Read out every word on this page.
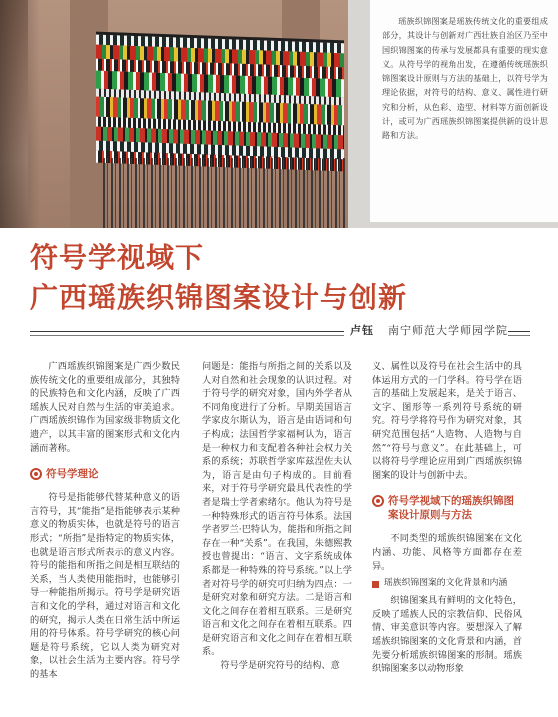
瑶族织锦图案是瑶族传统文化的重要组成部分，其设计与创新对广西壮族自治区乃至中国织锦图案的传承与发展都具有重要的现实意义。从符号学的视角出发，在遵循传统瑶族织锦图案设计原则与方法的基础上，以符号学为理论依据，对符号的结构、意义、属性进行研究和分析，从色彩、造型、材料等方面创新设计，或可为广西瑶族织锦图案提供新的设计思路和方法。

符号学视域下
广西瑶族织锦图案设计与创新
卢钰 南宁师范大学师园学院

广西瑶族织锦图案是广西少数民族传统文化的重要组成部分，其独特的民族特色和文化内涵，反映了广西瑶族人民对自然与生活的审美追求。广西瑶族织锦作为国家级非物质文化遗产，以其丰富的图案形式和文化内涵而著称。

符号学理论

符号是指能够代替某种意义的语言符号，其“能指”是指能够表示某种意义的物质实体，也就是符号的语言形式；“所指”是指特定的物质实体，也就是语言形式所表示的意义内容。符号的能指和所指之间是相互联结的关系，当人类使用能指时，也能够引导一种能指所揭示。符号学是研究语言和文化的学科，通过对语言和文化的研究，揭示人类在日常生活中所运用的符号体系。符号学研究的核心问题是符号系统，它以人类为研究对象，以社会生活为主要内容。符号学的基本

问题是：能指与所指之间的关系以及人对自然和社会现象的认识过程。对于符号学的研究对象，国内外学者从不同角度进行了分析。早期美国语言学家皮尔斯认为，语言是由语词和句子构成；法国哲学家福柯认为，语言是一种权力和支配着各种社会权力关系的系统；苏联哲学家库兹涅佐夫认为，语言是由句子构成的。目前看来，对于符号学研究最具代表性的学者是瑞士学者索绪尔。他认为符号是一种特殊形式的语言符号体系。法国学者罗兰·巴特认为，能指和所指之间存在一种“关系”。在我国，朱德熙教授也曾提出：“语言、文字系统成体系都是一种特殊的符号系统。”以上学者对符号学的研究可归纳为四点：一是研究对象和研究方法。二是语言和文化之间存在着相互联系。三是研究语言和文化之间存在着相互联系。四是研究语言和文化之间存在着相互联系。

符号学是研究符号的结构、意

义、属性以及符号在社会生活中的具体运用方式的一门学科。符号学在语言的基础上发展起来，是关于语言、文字、图形等一系列符号系统的研究。符号学将符号作为研究对象，其研究范围包括“人造物、人造物与自然”“符号与意义”。在此基础上，可以将符号学理论应用到广西瑶族织锦图案的设计与创新中去。

符号学视域下的瑶族织锦图案设计原则与方法

不同类型的瑶族织锦图案在文化内涵、功能、风格等方面都存在差异。

瑶族织锦图案的文化背景和内涵

织锦图案具有鲜明的文化特色，反映了瑶族人民的宗教信仰、民俗风情、审美意识等内容。要想深入了解瑶族织锦图案的文化背景和内涵，首先要分析瑶族织锦图案的形制。瑶族织锦图案多以动物形象
